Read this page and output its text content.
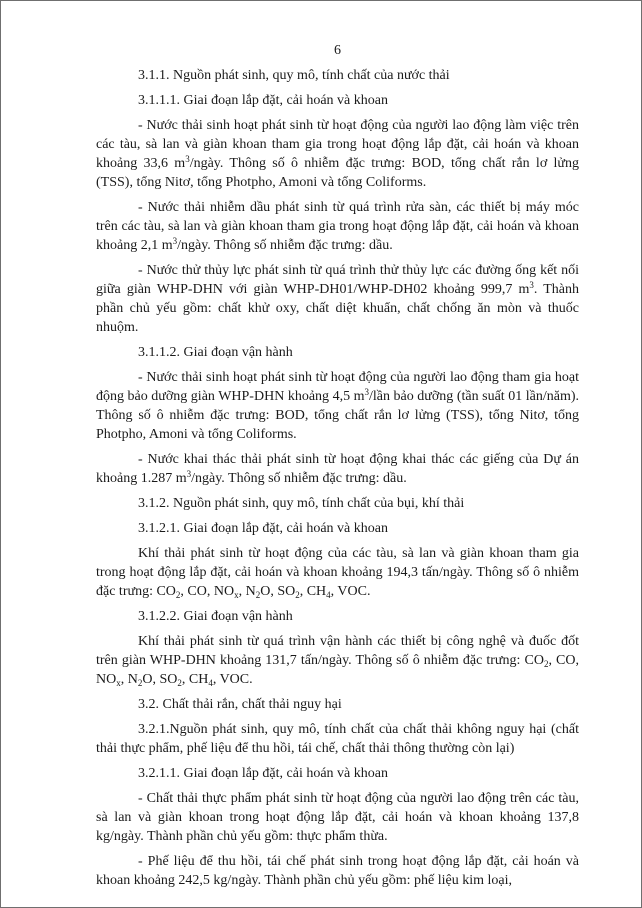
6
3.1.1. Nguồn phát sinh, quy mô, tính chất của nước thải
3.1.1.1. Giai đoạn lắp đặt, cải hoán và khoan

- Nước thải sinh hoạt phát sinh từ hoạt động của người lao động làm việc trên các tàu, sà lan và giàn khoan tham gia trong hoạt động lắp đặt, cải hoán và khoan khoảng 33,6 $m^3$/ngày. Thông số ô nhiễm đặc trưng: BOD, tổng chất rắn lơ lửng (TSS), tổng Nitơ, tổng Photpho, Amoni và tổng Coliforms.

- Nước thải nhiễm dầu phát sinh từ quá trình rửa sàn, các thiết bị máy móc trên các tàu, sà lan và giàn khoan tham gia trong hoạt động lắp đặt, cải hoán và khoan khoảng 2,1 $m^3$/ngày. Thông số nhiễm đặc trưng: dầu.

- Nước thử thủy lực phát sinh từ quá trình thử thủy lực các đường ống kết nối giữa giàn WHP-DHN với giàn WHP-DH01/WHP-DH02 khoảng 999,7 $m^3$. Thành phần chủ yếu gồm: chất khử oxy, chất diệt khuẩn, chất chống ăn mòn và thuốc nhuộm.

3.1.1.2. Giai đoạn vận hành

- Nước thải sinh hoạt phát sinh từ hoạt động của người lao động tham gia hoạt động bảo dưỡng giàn WHP-DHN khoảng 4,5 $m^3$/lần bảo dưỡng (tần suất 01 lần/năm). Thông số ô nhiễm đặc trưng: BOD, tổng chất rắn lơ lửng (TSS), tổng Nitơ, tổng Photpho, Amoni và tổng Coliforms.

- Nước khai thác thải phát sinh từ hoạt động khai thác các giếng của Dự án khoảng 1.287 $m^3$/ngày. Thông số nhiễm đặc trưng: dầu.

3.1.2. Nguồn phát sinh, quy mô, tính chất của bụi, khí thải
3.1.2.1. Giai đoạn lắp đặt, cải hoán và khoan

Khí thải phát sinh từ hoạt động của các tàu, sà lan và giàn khoan tham gia trong hoạt động lắp đặt, cải hoán và khoan khoảng 194,3 tấn/ngày. Thông số ô nhiễm đặc trưng: $CO_2$, CO, $NO_x$, $N_2O$, $SO_2$, $CH_4$, VOC.

3.1.2.2. Giai đoạn vận hành

Khí thải phát sinh từ quá trình vận hành các thiết bị công nghệ và đuốc đốt trên giàn WHP-DHN khoảng 131,7 tấn/ngày. Thông số ô nhiễm đặc trưng: $CO_2$, CO, $NO_x$, $N_2O$, $SO_2$, $CH_4$, VOC.

3.2. Chất thải rắn, chất thải nguy hại

3.2.1.Nguồn phát sinh, quy mô, tính chất của chất thải không nguy hại (chất thải thực phẩm, phế liệu để thu hồi, tái chế, chất thải thông thường còn lại)

3.2.1.1. Giai đoạn lắp đặt, cải hoán và khoan

- Chất thải thực phẩm phát sinh từ hoạt động của người lao động trên các tàu, sà lan và giàn khoan trong hoạt động lắp đặt, cải hoán và khoan khoảng 137,8 kg/ngày. Thành phần chủ yếu gồm: thực phẩm thừa.

- Phế liệu để thu hồi, tái chế phát sinh trong hoạt động lắp đặt, cải hoán và khoan khoảng 242,5 kg/ngày. Thành phần chủ yếu gồm: phế liệu kim loại,
